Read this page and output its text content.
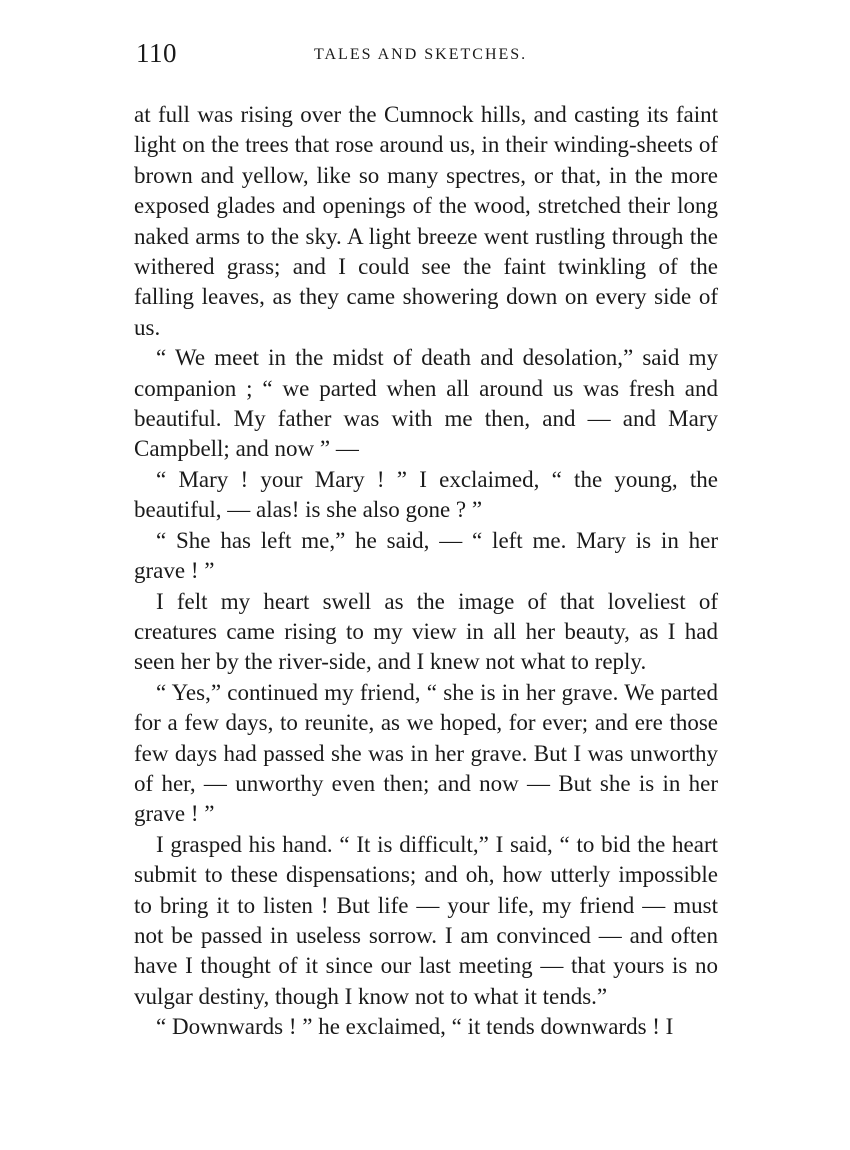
110	TALES AND SKETCHES.

at full was rising over the Cumnock hills, and casting its faint light on the trees that rose around us, in their winding-sheets of brown and yellow, like so many spectres, or that, in the more exposed glades and openings of the wood, stretched their long naked arms to the sky. A light breeze went rustling through the withered grass; and I could see the faint twinkling of the falling leaves, as they came showering down on every side of us.

“ We meet in the midst of death and desolation,” said my companion ; “ we parted when all around us was fresh and beautiful. My father was with me then, and — and Mary Campbell; and now ” —

“ Mary ! your Mary ! ” I exclaimed, “ the young, the beautiful, — alas! is she also gone ? ”

“ She has left me,” he said, — “ left me. Mary is in her grave ! ”

I felt my heart swell as the image of that loveliest of creatures came rising to my view in all her beauty, as I had seen her by the river-side, and I knew not what to reply.

“ Yes,” continued my friend, “ she is in her grave. We parted for a few days, to reunite, as we hoped, for ever; and ere those few days had passed she was in her grave. But I was unworthy of her, — unworthy even then; and now — But she is in her grave ! ”

I grasped his hand. “ It is difficult,” I said, “ to bid the heart submit to these dispensations; and oh, how utterly impossible to bring it to listen ! But life — your life, my friend — must not be passed in useless sorrow. I am convinced — and often have I thought of it since our last meeting — that yours is no vulgar destiny, though I know not to what it tends.”

“ Downwards ! ” he exclaimed, “ it tends downwards ! I
